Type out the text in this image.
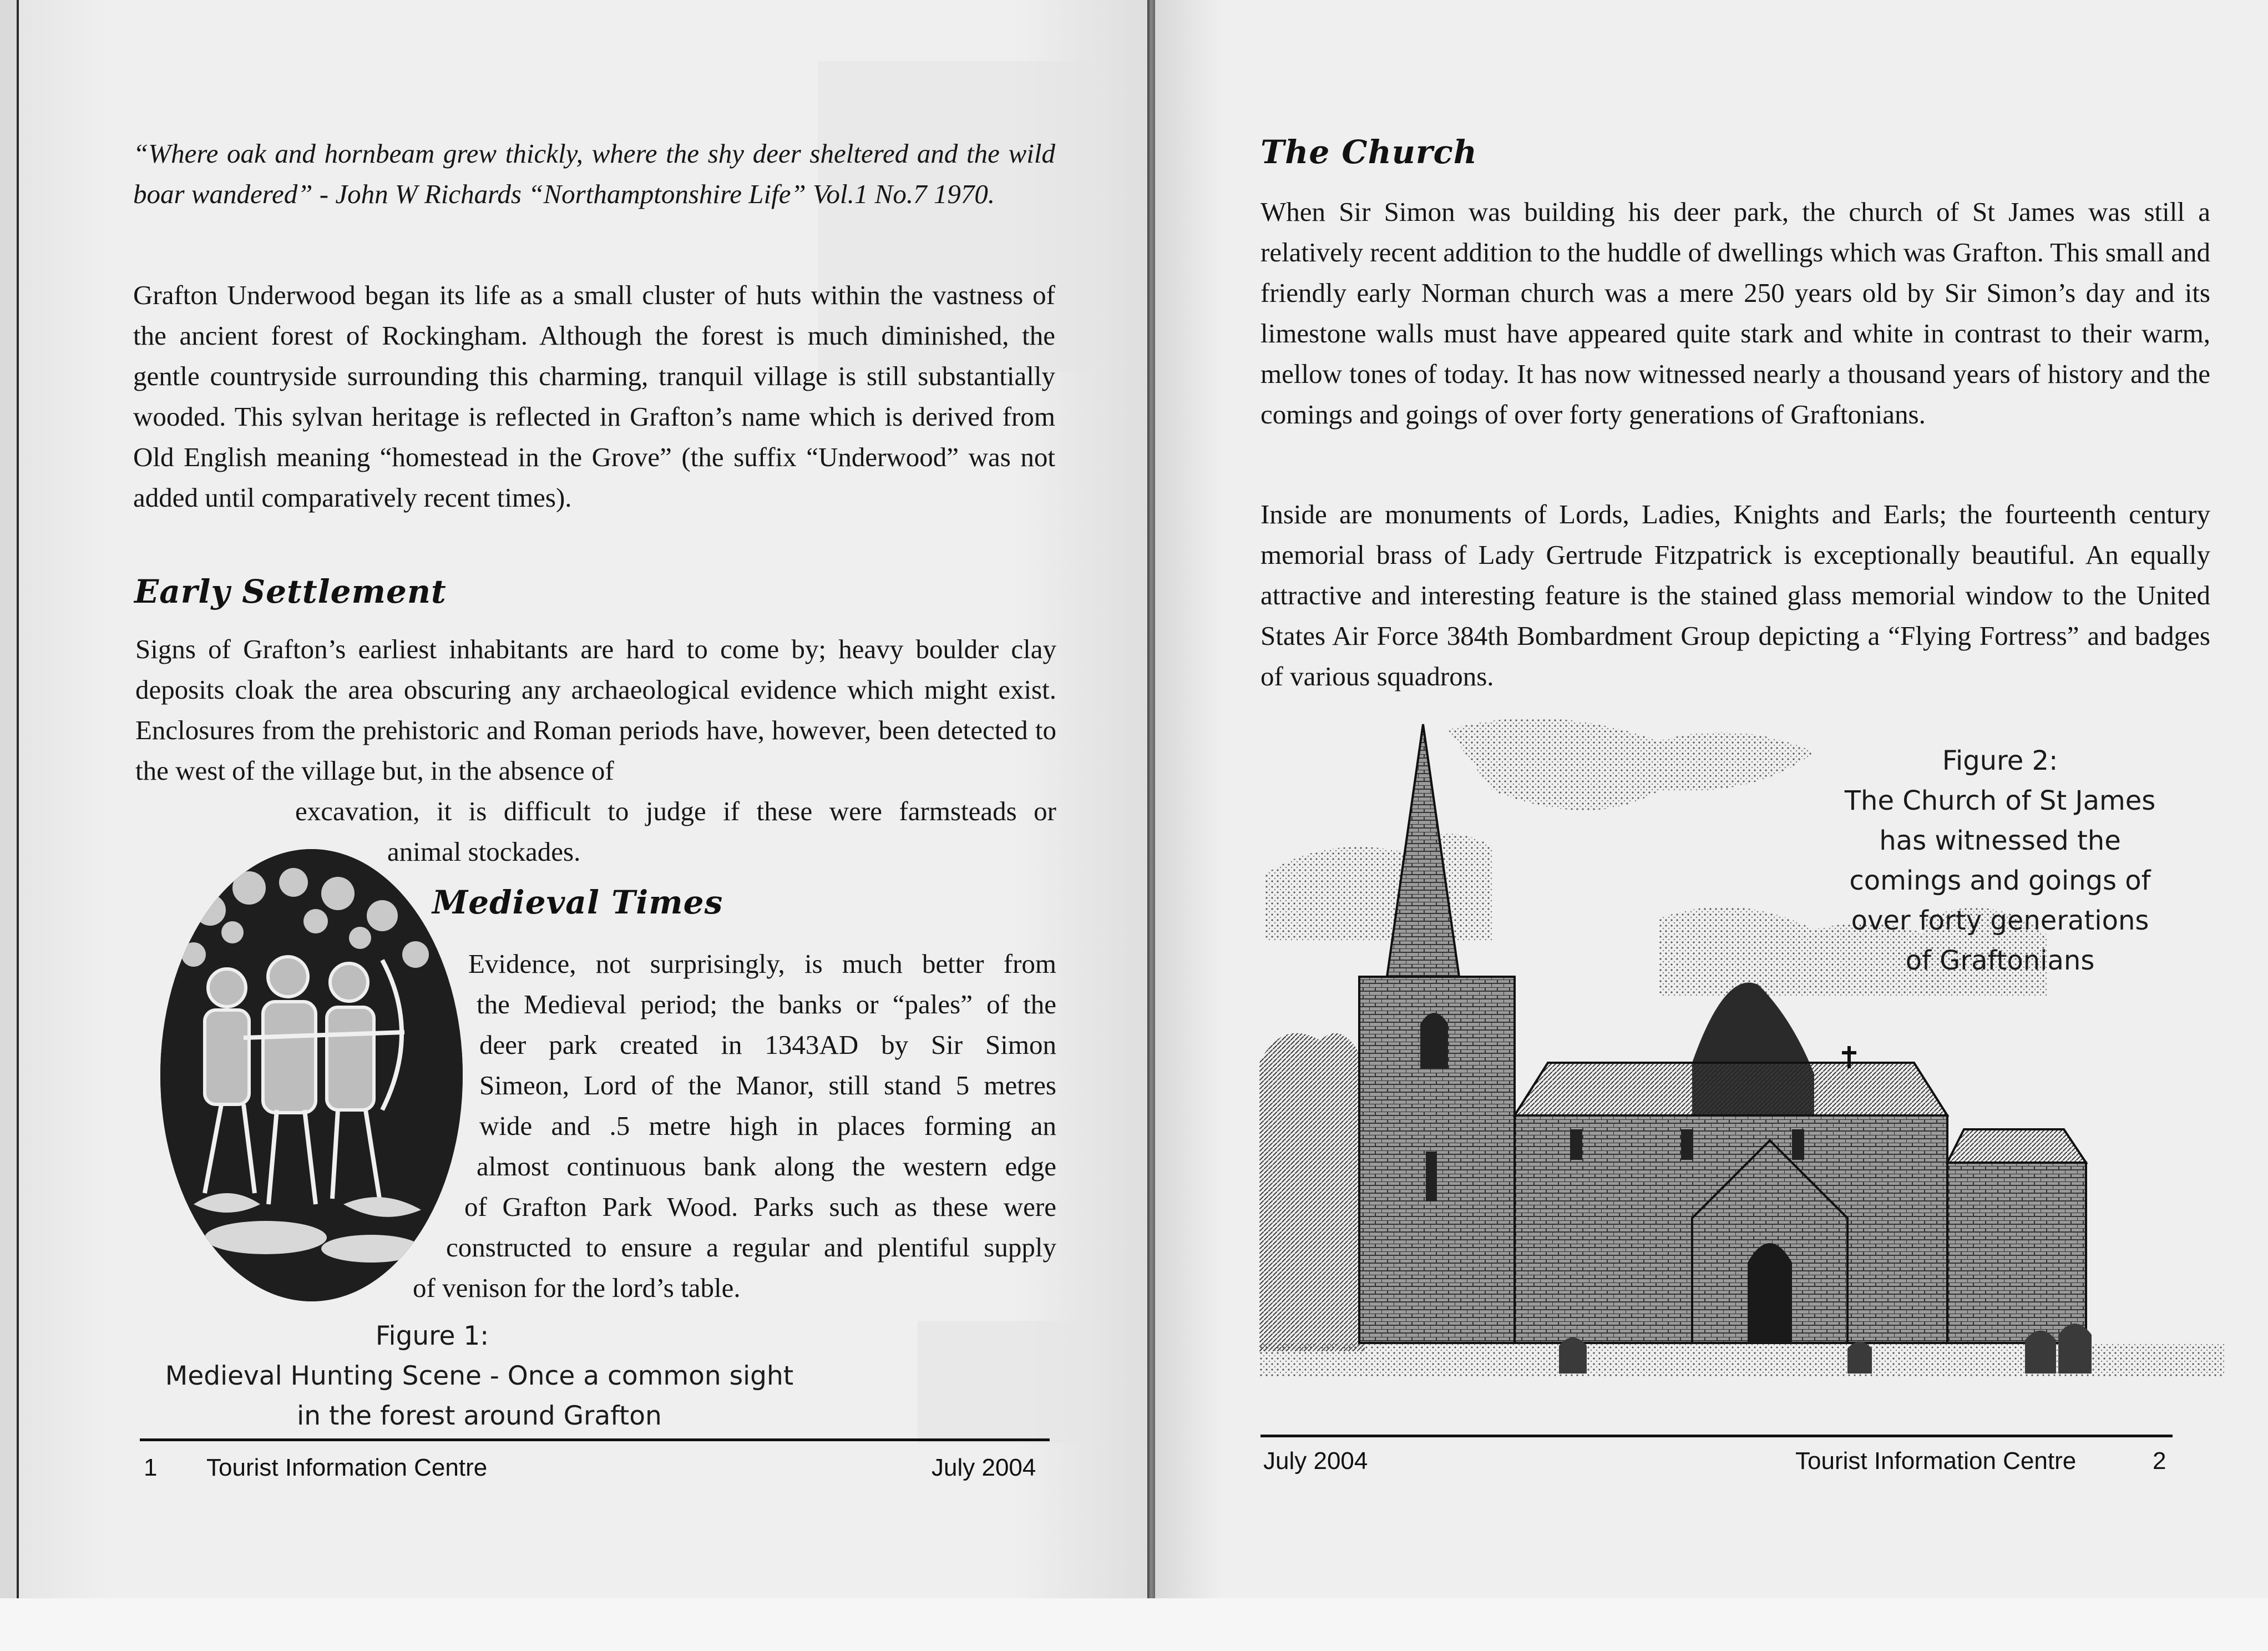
“Where oak and hornbeam grew thickly, where the shy deer sheltered and the wild boar wandered” - John W Richards “Northamptonshire Life” Vol.1 No.7 1970.
Grafton Underwood began its life as a small cluster of huts within the vastness of the ancient forest of Rockingham. Although the forest is much diminished, the gentle countryside surrounding this charming, tranquil village is still substantially wooded. This sylvan heritage is reflected in Grafton’s name which is derived from Old English meaning “homestead in the Grove” (the suffix “Underwood” was not added until comparatively recent times).
Early Settlement
Signs of Grafton’s earliest inhabitants are hard to come by; heavy boulder clay deposits cloak the area obscuring any archaeological evidence which might exist. Enclosures from the prehistoric and Roman periods have, however, been detected to the west of the village but, in the absence of
excavation, it is difficult to judge if these were farmsteads or
animal stockades.
Medieval Times
Evidence, not surprisingly, is much better from
the Medieval period; the banks or “pales” of the
deer park created in 1343AD by Sir Simon
Simeon, Lord of the Manor, still stand 5 metres
wide and .5 metre high in places forming an
almost continuous bank along the western edge
of Grafton Park Wood. Parks such as these were
constructed to ensure a regular and plentiful supply
of venison for the lord’s table.
Figure 1:
Medieval Hunting Scene - Once a common sight
in the forest around Grafton
1 Tourist Information Centre	July 2004
The Church
When Sir Simon was building his deer park, the church of St James was still a relatively recent addition to the huddle of dwellings which was Grafton. This small and friendly early Norman church was a mere 250 years old by Sir Simon’s day and its limestone walls must have appeared quite stark and white in contrast to their warm, mellow tones of today. It has now witnessed nearly a thousand years of history and the comings and goings of over forty generations of Graftonians.
Inside are monuments of Lords, Ladies, Knights and Earls; the fourteenth century memorial brass of Lady Gertrude Fitzpatrick is exceptionally beautiful. An equally attractive and interesting feature is the stained glass memorial window to the United States Air Force 384th Bombardment Group depicting a “Flying Fortress” and badges of various squadrons.
Figure 2:
The Church of St James
has witnessed the
comings and goings of
over forty generations
of Graftonians
July 2004	Tourist Information Centre	2
